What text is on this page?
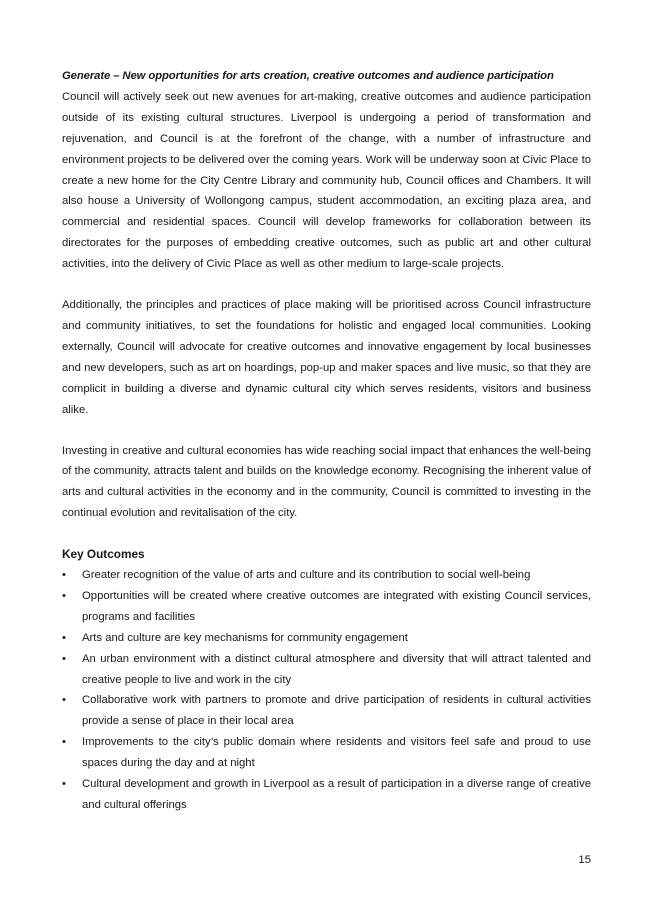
Generate – New opportunities for arts creation, creative outcomes and audience participation

Council will actively seek out new avenues for art-making, creative outcomes and audience participation outside of its existing cultural structures. Liverpool is undergoing a period of transformation and rejuvenation, and Council is at the forefront of the change, with a number of infrastructure and environment projects to be delivered over the coming years. Work will be underway soon at Civic Place to create a new home for the City Centre Library and community hub, Council offices and Chambers. It will also house a University of Wollongong campus, student accommodation, an exciting plaza area, and commercial and residential spaces. Council will develop frameworks for collaboration between its directorates for the purposes of embedding creative outcomes, such as public art and other cultural activities, into the delivery of Civic Place as well as other medium to large-scale projects.

Additionally, the principles and practices of place making will be prioritised across Council infrastructure and community initiatives, to set the foundations for holistic and engaged local communities. Looking externally, Council will advocate for creative outcomes and innovative engagement by local businesses and new developers, such as art on hoardings, pop-up and maker spaces and live music, so that they are complicit in building a diverse and dynamic cultural city which serves residents, visitors and business alike.

Investing in creative and cultural economies has wide reaching social impact that enhances the well-being of the community, attracts talent and builds on the knowledge economy. Recognising the inherent value of arts and cultural activities in the economy and in the community, Council is committed to investing in the continual evolution and revitalisation of the city.

Key Outcomes

•	Greater recognition of the value of arts and culture and its contribution to social well-being
•	Opportunities will be created where creative outcomes are integrated with existing Council services, programs and facilities
•	Arts and culture are key mechanisms for community engagement
•	An urban environment with a distinct cultural atmosphere and diversity that will attract talented and creative people to live and work in the city
•	Collaborative work with partners to promote and drive participation of residents in cultural activities provide a sense of place in their local area
•	Improvements to the city’s public domain where residents and visitors feel safe and proud to use spaces during the day and at night
•	Cultural development and growth in Liverpool as a result of participation in a diverse range of creative and cultural offerings
15
